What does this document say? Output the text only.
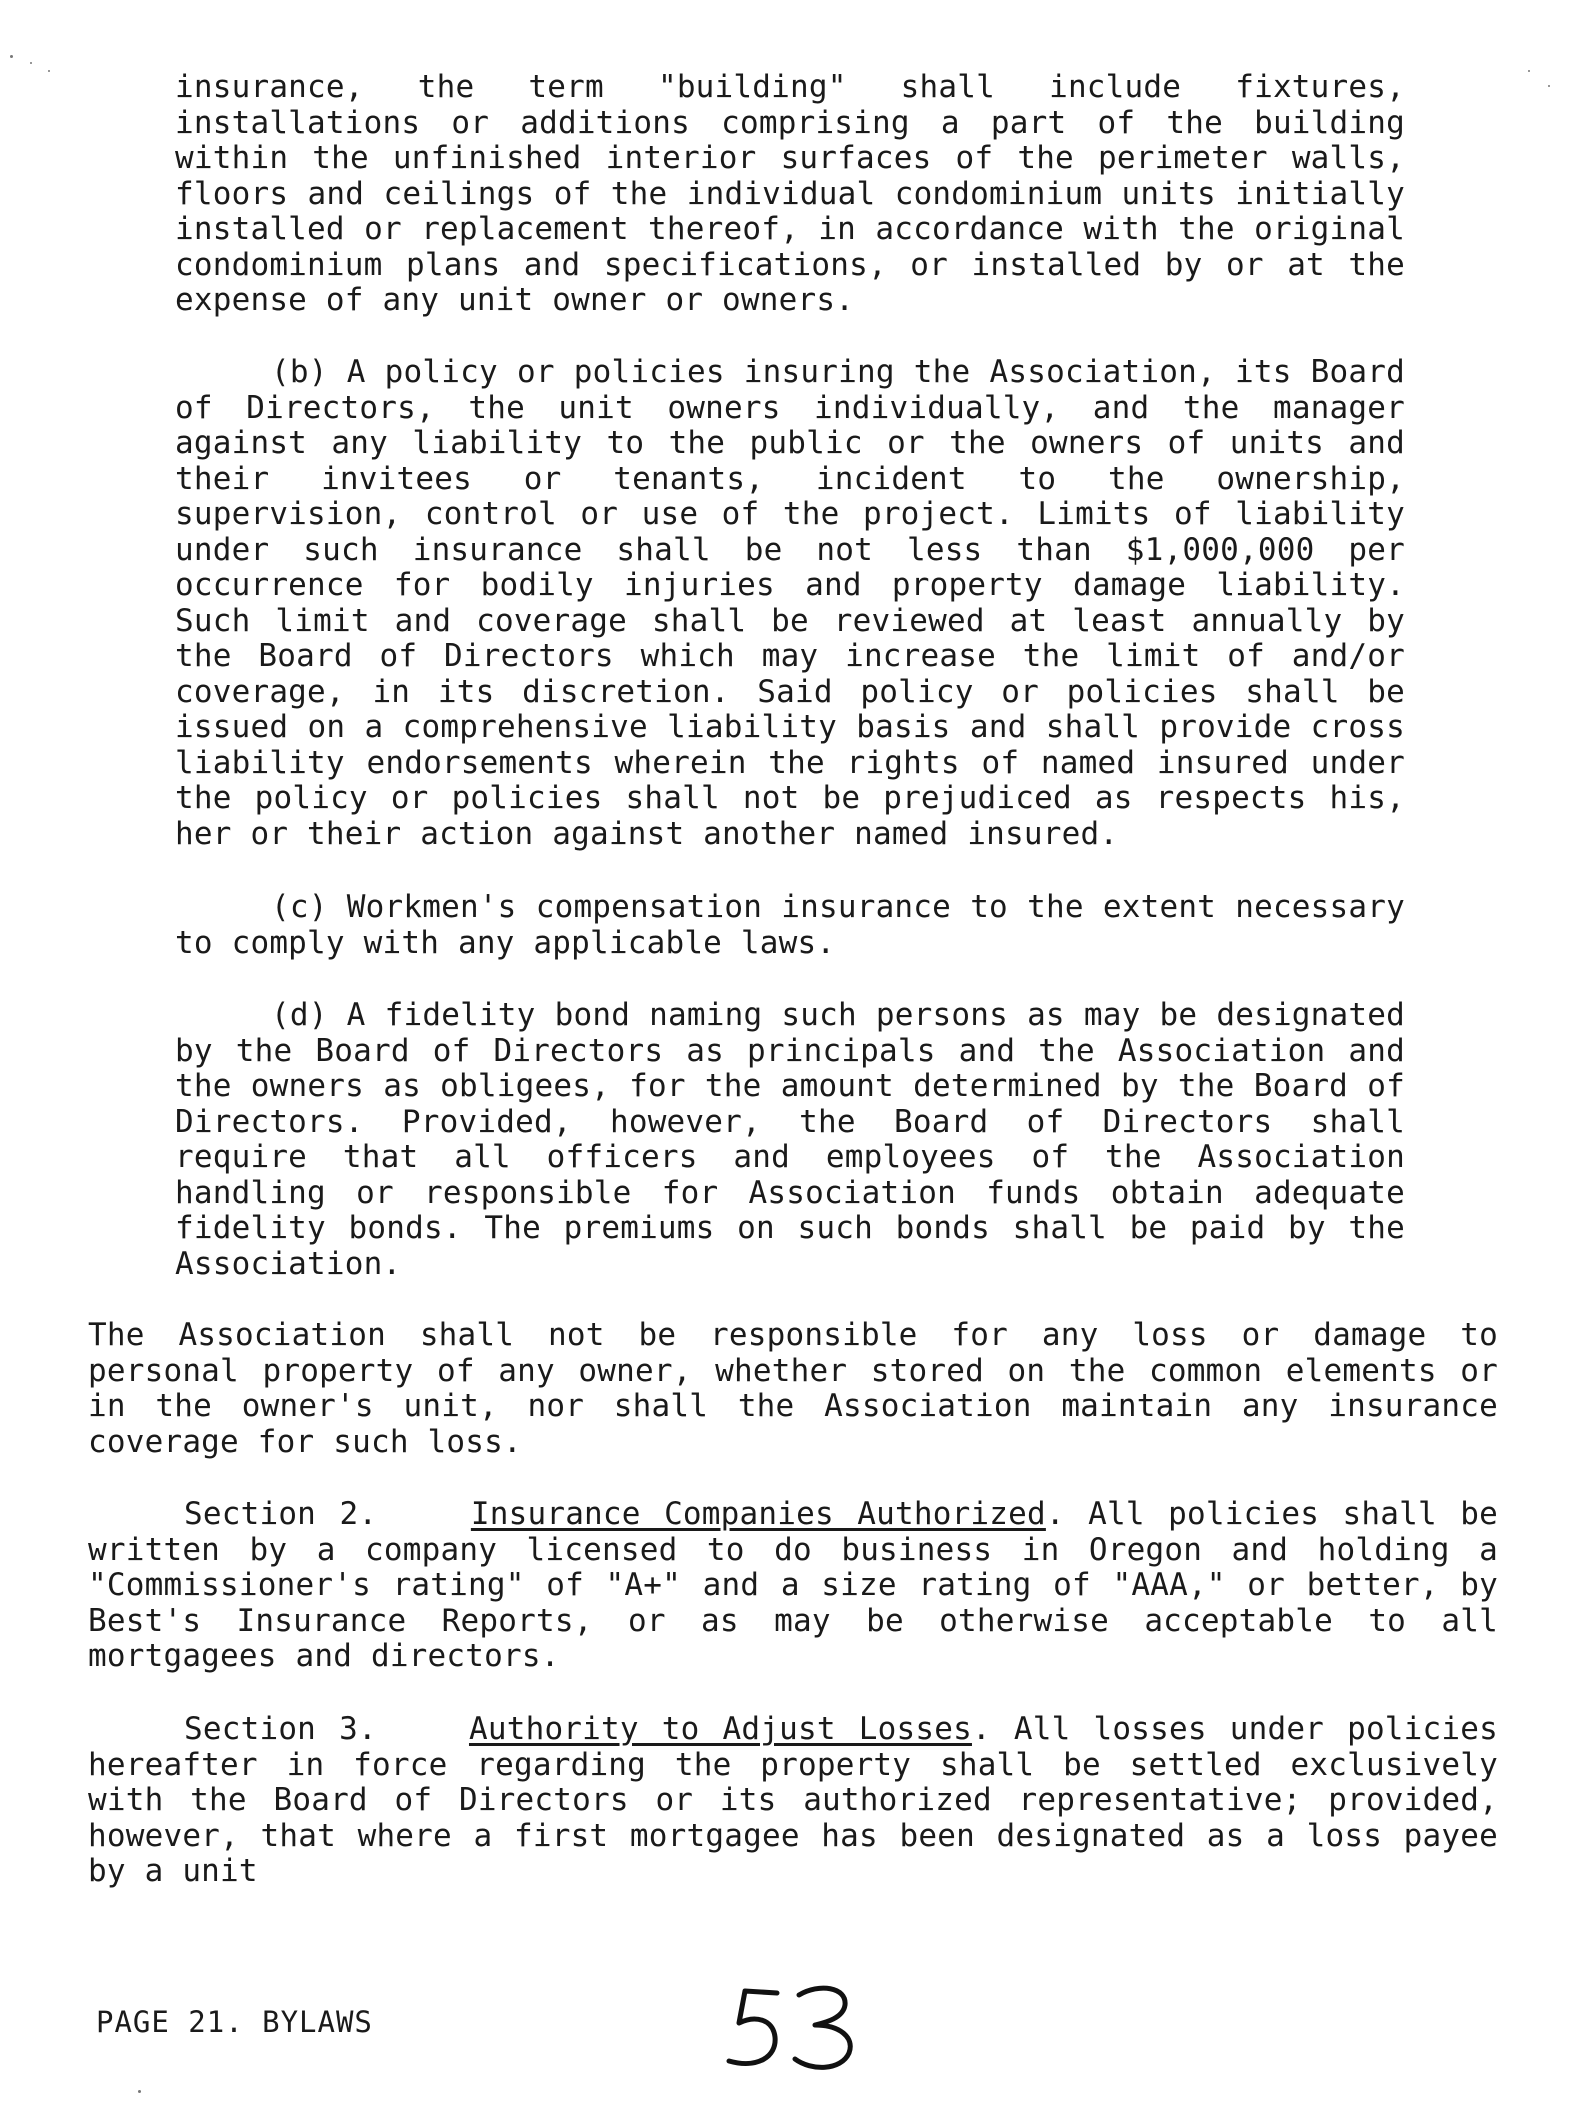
insurance, the term "building" shall include fixtures, installations or additions comprising a part of the building within the unfinished interior surfaces of the perimeter walls, floors and ceilings of the individual condominium units initially installed or replacement thereof, in accordance with the original condominium plans and specifications, or installed by or at the expense of any unit owner or owners.

(b) A policy or policies insuring the Association, its Board of Directors, the unit owners individually, and the manager against any liability to the public or the owners of units and their invitees or tenants, incident to the ownership, supervision, control or use of the project. Limits of liability under such insurance shall be not less than $1,000,000 per occurrence for bodily injuries and property damage liability. Such limit and coverage shall be reviewed at least annually by the Board of Directors which may increase the limit of and/or coverage, in its discretion. Said policy or policies shall be issued on a comprehensive liability basis and shall provide cross liability endorsements wherein the rights of named insured under the policy or policies shall not be prejudiced as respects his, her or their action against another named insured.

(c) Workmen's compensation insurance to the extent necessary to comply with any applicable laws.

(d) A fidelity bond naming such persons as may be designated by the Board of Directors as principals and the Association and the owners as obligees, for the amount determined by the Board of Directors. Provided, however, the Board of Directors shall require that all officers and employees of the Association handling or responsible for Association funds obtain adequate fidelity bonds. The premiums on such bonds shall be paid by the Association.

The Association shall not be responsible for any loss or damage to personal property of any owner, whether stored on the common elements or in the owner's unit, nor shall the Association maintain any insurance coverage for such loss.

Section 2.	Insurance Companies Authorized. All policies shall be written by a company licensed to do business in Oregon and holding a "Commissioner's rating" of "A+" and a size rating of "AAA," or better, by Best's Insurance Reports, or as may be otherwise acceptable to all mortgagees and directors.

Section 3.	Authority to Adjust Losses. All losses under policies hereafter in force regarding the property shall be settled exclusively with the Board of Directors or its authorized representative; provided, however, that where a first mortgagee has been designated as a loss payee by a unit

PAGE 21. BYLAWS
